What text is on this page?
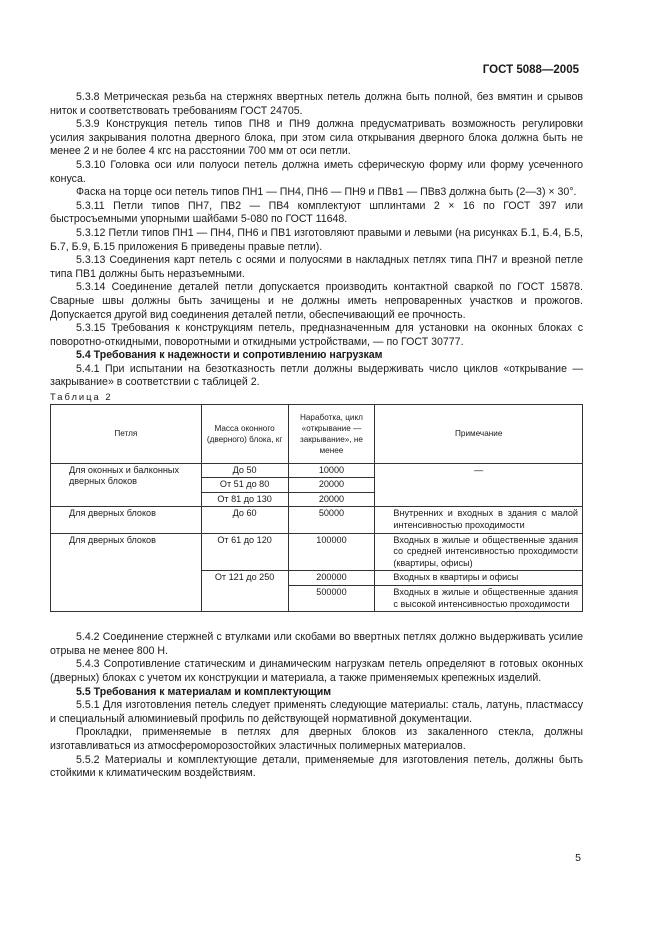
ГОСТ 5088—2005

5.3.8 Метрическая резьба на стержнях ввертных петель должна быть полной, без вмятин и срывов ниток и соответствовать требованиям ГОСТ 24705.

5.3.9 Конструкция петель типов ПН8 и ПН9 должна предусматривать возможность регулировки усилия закрывания полотна дверного блока, при этом сила открывания дверного блока должна быть не менее 2 и не более 4 кгс на расстоянии 700 мм от оси петли.

5.3.10 Головка оси или полуоси петель должна иметь сферическую форму или форму усеченного конуса.

Фаска на торце оси петель типов ПН1 — ПН4, ПН6 — ПН9 и ПВв1 — ПВв3 должна быть (2—3) × 30°.

5.3.11 Петли типов ПН7, ПВ2 — ПВ4 комплектуют шплинтами 2 × 16 по ГОСТ 397 или быстросъемными упорными шайбами 5-080 по ГОСТ 11648.

5.3.12 Петли типов ПН1 — ПН4, ПН6 и ПВ1 изготовляют правыми и левыми (на рисунках Б.1, Б.4, Б.5, Б.7, Б.9, Б.15 приложения Б приведены правые петли).

5.3.13 Соединения карт петель с осями и полуосями в накладных петлях типа ПН7 и врезной петле типа ПВ1 должны быть неразъемными.

5.3.14 Соединение деталей петли допускается производить контактной сваркой по ГОСТ 15878. Сварные швы должны быть зачищены и не должны иметь непроваренных участков и прожогов. Допускается другой вид соединения деталей петли, обеспечивающий ее прочность.

5.3.15 Требования к конструкциям петель, предназначенным для установки на оконных блоках с поворотно-откидными, поворотными и откидными устройствами, — по ГОСТ 30777.

5.4 Требования к надежности и сопротивлению нагрузкам

5.4.1 При испытании на безотказность петли должны выдерживать число циклов «открывание — закрывание» в соответствии с таблицей 2.

Таблица 2

Петля	Масса оконного (дверного) блока, кг	Наработка, цикл «открывание — закрывание», не менее	Примечание
Для оконных и балконных дверных блоков	До 50	10000	—
	От 51 до 80	20000	
	От 81 до 130	20000	
Для дверных блоков	До 60	50000	Внутренних и входных в здания с малой интенсивностью проходимости
Для дверных блоков	От 61 до 120	100000	Входных в жилые и общественные здания со средней интенсивностью проходимости (квартиры, офисы)
	От 121 до 250	200000	Входных в квартиры и офисы
		500000	Входных в жилые и общественные здания с высокой интенсивностью проходимости

5.4.2 Соединение стержней с втулками или скобами во ввертных петлях должно выдерживать усилие отрыва не менее 800 Н.

5.4.3 Сопротивление статическим и динамическим нагрузкам петель определяют в готовых оконных (дверных) блоках с учетом их конструкции и материала, а также применяемых крепежных изделий.

5.5 Требования к материалам и комплектующим

5.5.1 Для изготовления петель следует применять следующие материалы: сталь, латунь, пластмассу и специальный алюминиевый профиль по действующей нормативной документации.

Прокладки, применяемые в петлях для дверных блоков из закаленного стекла, должны изготавливаться из атмосфероморозостойких эластичных полимерных материалов.

5.5.2 Материалы и комплектующие детали, применяемые для изготовления петель, должны быть стойкими к климатическим воздействиям.

5
